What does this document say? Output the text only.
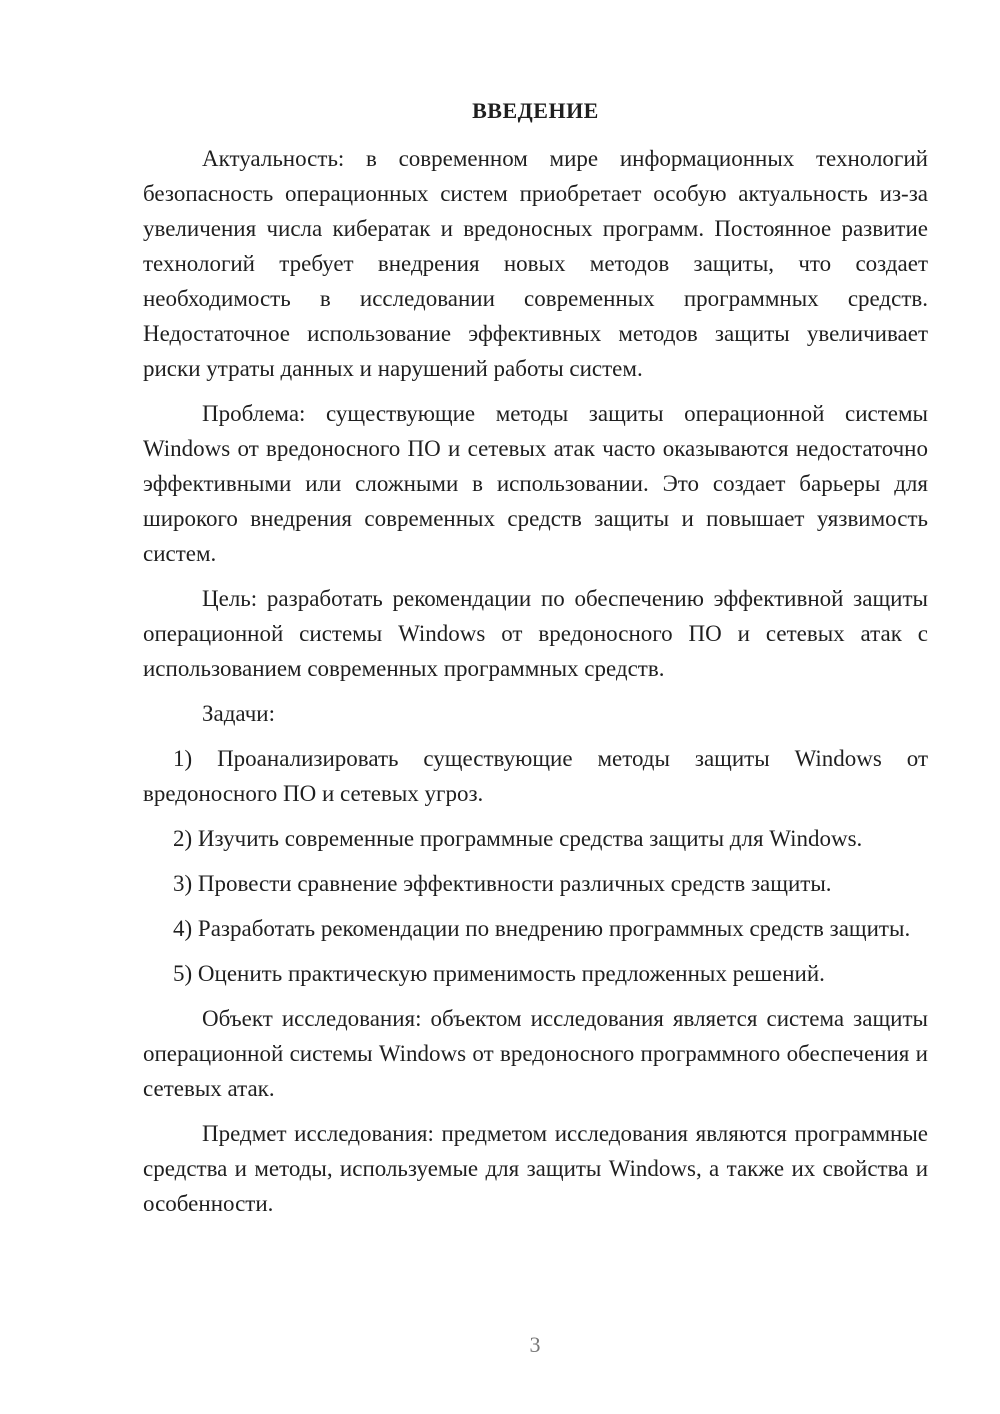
ВВЕДЕНИЕ

Актуальность: в современном мире информационных технологий безопасность операционных систем приобретает особую актуальность из-за увеличения числа кибератак и вредоносных программ. Постоянное развитие технологий требует внедрения новых методов защиты, что создает необходимость в исследовании современных программных средств. Недостаточное использование эффективных методов защиты увеличивает риски утраты данных и нарушений работы систем.

Проблема: существующие методы защиты операционной системы Windows от вредоносного ПО и сетевых атак часто оказываются недостаточно эффективными или сложными в использовании. Это создает барьеры для широкого внедрения современных средств защиты и повышает уязвимость систем.

Цель: разработать рекомендации по обеспечению эффективной защиты операционной системы Windows от вредоносного ПО и сетевых атак с использованием современных программных средств.

Задачи:

1) Проанализировать существующие методы защиты Windows от вредоносного ПО и сетевых угроз.

2) Изучить современные программные средства защиты для Windows.

3) Провести сравнение эффективности различных средств защиты.

4) Разработать рекомендации по внедрению программных средств защиты.

5) Оценить практическую применимость предложенных решений.

Объект исследования: объектом исследования является система защиты операционной системы Windows от вредоносного программного обеспечения и сетевых атак.

Предмет исследования: предметом исследования являются программные средства и методы, используемые для защиты Windows, а также их свойства и особенности.

3
